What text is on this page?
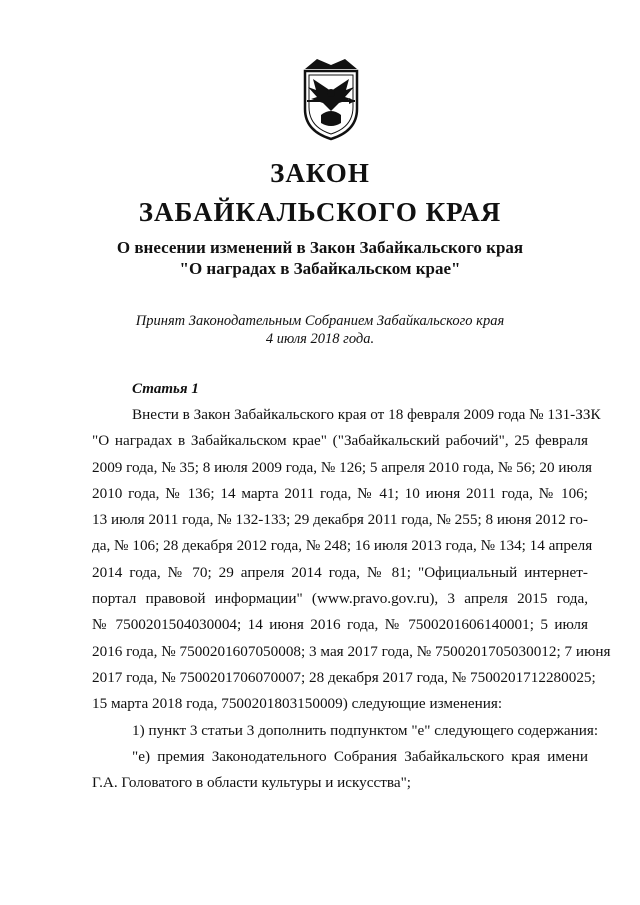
ЗАКОН
ЗАБАЙКАЛЬСКОГО КРАЯ
О внесении изменений в Закон Забайкальского края
"О наградах в Забайкальском крае"
Принят Законодательным Собранием Забайкальского края
4 июля 2018 года.
Статья 1
Внести в Закон Забайкальского края от 18 февраля 2009 года № 131-ЗЗК
"О наградах в Забайкальском крае" ("Забайкальский рабочий", 25 февраля
2009 года, № 35; 8 июля 2009 года, № 126; 5 апреля 2010 года, № 56; 20 июля
2010 года, № 136; 14 марта 2011 года, № 41; 10 июня 2011 года, № 106;
13 июля 2011 года, № 132-133; 29 декабря 2011 года, № 255; 8 июня 2012 го-
да, № 106; 28 декабря 2012 года, № 248; 16 июля 2013 года, № 134; 14 апреля
2014 года, № 70; 29 апреля 2014 года, № 81; "Официальный интернет-
портал правовой информации" (www.pravo.gov.ru), 3 апреля 2015 года,
№ 7500201504030004; 14 июня 2016 года, № 7500201606140001; 5 июля
2016 года, № 7500201607050008; 3 мая 2017 года, № 7500201705030012; 7 июня
2017 года, № 7500201706070007; 28 декабря 2017 года, № 7500201712280025;
15 марта 2018 года, 7500201803150009) следующие изменения:
1) пункт 3 статьи 3 дополнить подпунктом "е" следующего содержания:
"е) премия Законодательного Собрания Забайкальского края имени
Г.А. Головатого в области культуры и искусства";
